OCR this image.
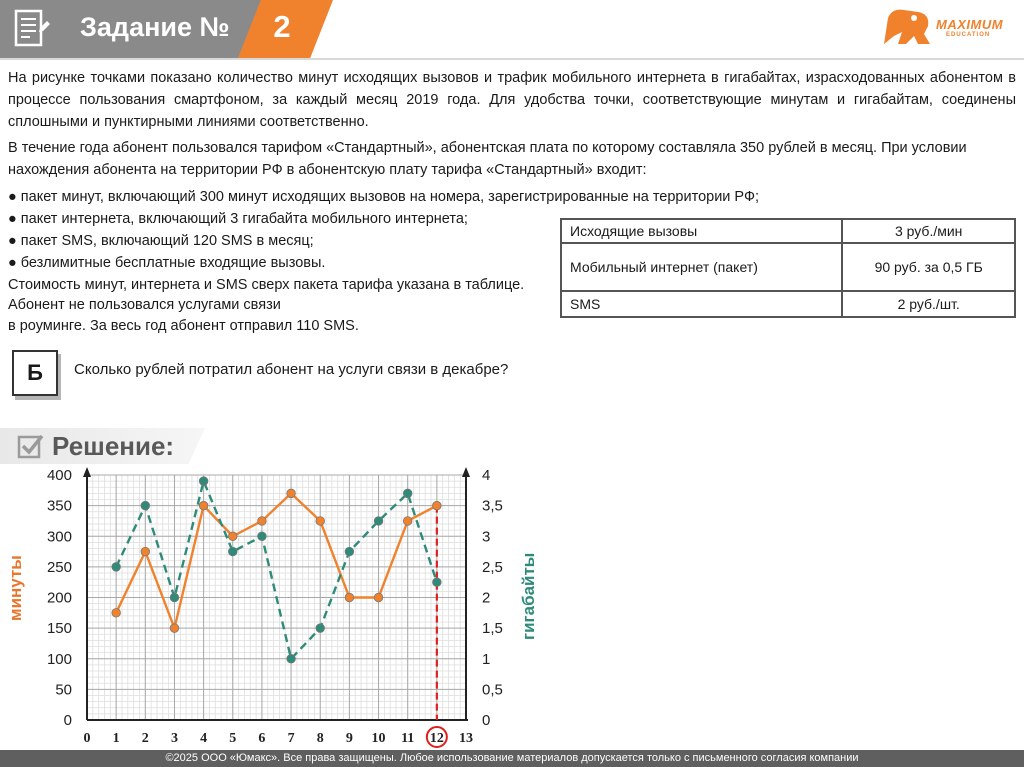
Задание №	2	MAXIMUM
EDUCATION
На рисунке точками показано количество минут исходящих вызовов и трафик мобильного интернета в гигабайтах, израсходованных абонентом в процессе пользования смартфоном, за каждый месяц 2019 года. Для удобства точки, соответствующие минутам и гигабайтам, соединены сплошными и пунктирными линиями соответственно.
В течение года абонент пользовался тарифом «Стандартный», абонентская плата по которому составляла 350 рублей в месяц. При условии нахождения абонента на территории РФ в абонентскую плату тарифа «Стандартный» входит:
● пакет минут, включающий 300 минут исходящих вызовов на номера, зарегистрированные на территории РФ;
● пакет интернета, включающий 3 гигабайта мобильного интернета;
● пакет SMS, включающий 120 SMS в месяц;
● безлимитные бесплатные входящие вызовы.
Стоимость минут, интернета и SMS сверх пакета тарифа указана в таблице.
Абонент не пользовался услугами связи
в роуминге. За весь год абонент отправил 110 SMS.
Исходящие вызовы	3 руб./мин
Мобильный интернет (пакет)	90 руб. за 0,5 ГБ
SMS	2 руб./шт.
Б	Сколько рублей потратил абонент на услуги связи в декабре?
Решение:
0
50
100
150
200
250
300
350
400
0
0,5
1
1,5
2
2,5
3
3,5
4
0 1 2 3 4 5 6 7 8 9 10 11 12 13
минуты	гигабайты
©2025 ООО «Юмакс». Все права защищены. Любое использование материалов допускается только с письменного согласия компании
